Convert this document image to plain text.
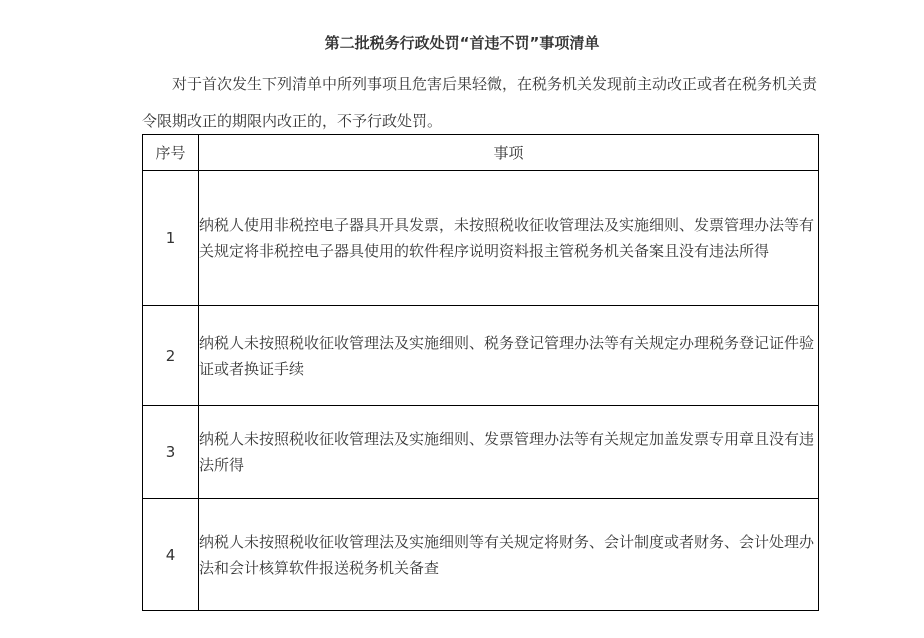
第二批税务行政处罚“首违不罚”事项清单
对于首次发生下列清单中所列事项且危害后果轻微，在税务机关发现前主动改正或者在税务机关责令限期改正的期限内改正的，不予行政处罚。
序号	事项
1	纳税人使用非税控电子器具开具发票，未按照税收征收管理法及实施细则、发票管理办法等有关规定将非税控电子器具使用的软件程序说明资料报主管税务机关备案且没有违法所得
2	纳税人未按照税收征收管理法及实施细则、税务登记管理办法等有关规定办理税务登记证件验证或者换证手续
3	纳税人未按照税收征收管理法及实施细则、发票管理办法等有关规定加盖发票专用章且没有违法所得
4	纳税人未按照税收征收管理法及实施细则等有关规定将财务、会计制度或者财务、会计处理办法和会计核算软件报送税务机关备查
